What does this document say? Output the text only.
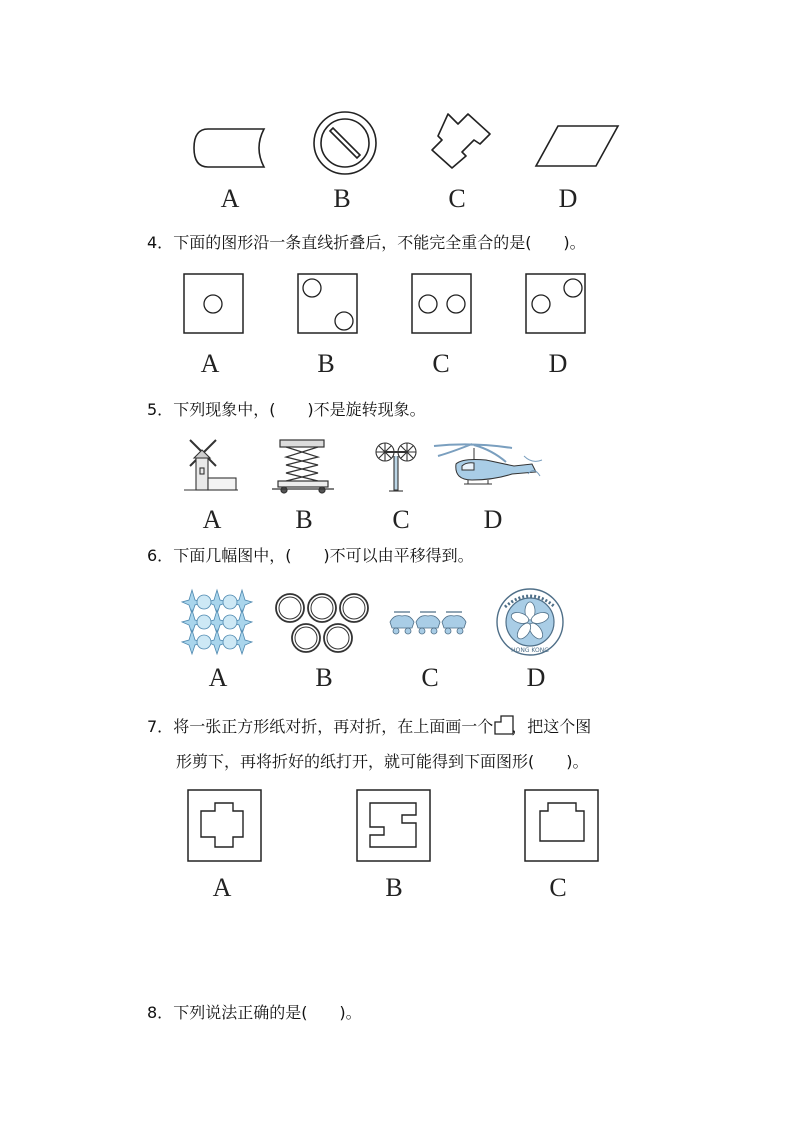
A	B	C	D
4．下面的图形沿一条直线折叠后，不能完全重合的是(　　)。
A	B	C	D
5．下列现象中，(　　)不是旋转现象。
A	B	C	D
6．下面几幅图中，(　　)不可以由平移得到。
HONG KONG
A	B	C	D
7．将一张正方形纸对折，再对折，在上面画一个 ，把这个图
形剪下，再将折好的纸打开，就可能得到下面图形(　　)。
A	B	C
8．下列说法正确的是(　　)。
